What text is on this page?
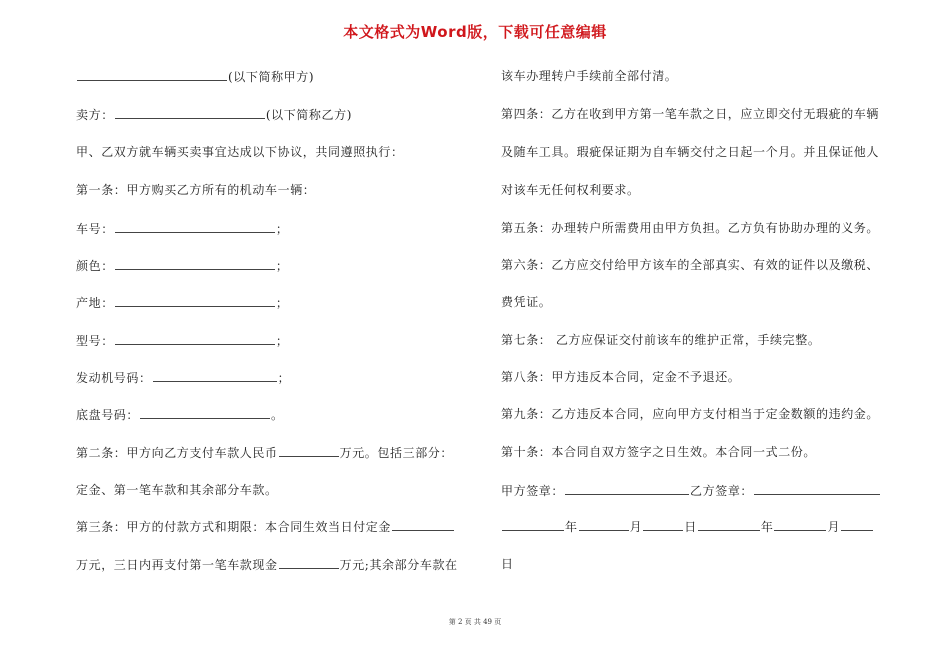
本文格式为Word版，下载可任意编辑
(以下简称甲方)
卖方：	(以下简称乙方)
甲、乙双方就车辆买卖事宜达成以下协议，共同遵照执行：
第一条：甲方购买乙方所有的机动车一辆：
车号：	；
颜色：	；
产地：	；
型号：	；
发动机号码：	；
底盘号码：	。
第二条：甲方向乙方支付车款人民币	万元。包括三部分：
定金、第一笔车款和其余部分车款。
第三条：甲方的付款方式和期限：本合同生效当日付定金
万元，三日内再支付第一笔车款现金	万元;其余部分车款在
该车办理转户手续前全部付清。
第四条：乙方在收到甲方第一笔车款之日，应立即交付无瑕疵的车辆
及随车工具。瑕疵保证期为自车辆交付之日起一个月。并且保证他人
对该车无任何权利要求。
第五条：办理转户所需费用由甲方负担。乙方负有协助办理的义务。
第六条：乙方应交付给甲方该车的全部真实、有效的证件以及缴税、
费凭证。
第七条： 乙方应保证交付前该车的维护正常，手续完整。
第八条：甲方违反本合同，定金不予退还。
第九条：乙方违反本合同，应向甲方支付相当于定金数额的违约金。
第十条：本合同自双方签字之日生效。本合同一式二份。
甲方签章：	乙方签章：
年	月	日	年	月
日
第 2 页 共 49 页
